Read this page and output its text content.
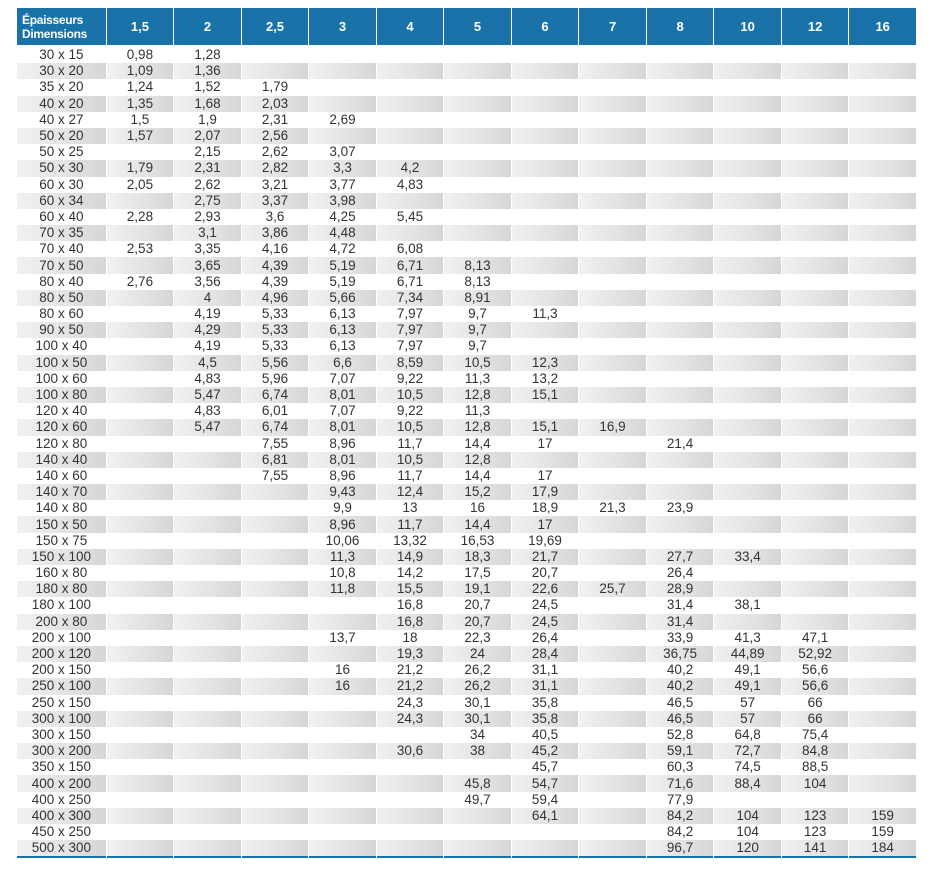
Épaisseurs
Dimensions	1,5	2	2,5	3	4	5	6	7	8	10	12	16
30 x 15	0,98	1,28										
30 x 20	1,09	1,36										
35 x 20	1,24	1,52	1,79									
40 x 20	1,35	1,68	2,03									
40 x 27	1,5	1,9	2,31	2,69								
50 x 20	1,57	2,07	2,56									
50 x 25		2,15	2,62	3,07								
50 x 30	1,79	2,31	2,82	3,3	4,2							
60 x 30	2,05	2,62	3,21	3,77	4,83							
60 x 34		2,75	3,37	3,98								
60 x 40	2,28	2,93	3,6	4,25	5,45							
70 x 35		3,1	3,86	4,48								
70 x 40	2,53	3,35	4,16	4,72	6,08							
70 x 50		3,65	4,39	5,19	6,71	8,13						
80 x 40	2,76	3,56	4,39	5,19	6,71	8,13						
80 x 50		4	4,96	5,66	7,34	8,91						
80 x 60		4,19	5,33	6,13	7,97	9,7	11,3					
90 x 50		4,29	5,33	6,13	7,97	9,7						
100 x 40		4,19	5,33	6,13	7,97	9,7						
100 x 50		4,5	5,56	6,6	8,59	10,5	12,3					
100 x 60		4,83	5,96	7,07	9,22	11,3	13,2					
100 x 80		5,47	6,74	8,01	10,5	12,8	15,1					
120 x 40		4,83	6,01	7,07	9,22	11,3						
120 x 60		5,47	6,74	8,01	10,5	12,8	15,1	16,9				
120 x 80			7,55	8,96	11,7	14,4	17		21,4			
140 x 40			6,81	8,01	10,5	12,8						
140 x 60			7,55	8,96	11,7	14,4	17					
140 x 70				9,43	12,4	15,2	17,9					
140 x 80				9,9	13	16	18,9	21,3	23,9			
150 x 50				8,96	11,7	14,4	17					
150 x 75				10,06	13,32	16,53	19,69					
150 x 100				11,3	14,9	18,3	21,7		27,7	33,4		
160 x 80				10,8	14,2	17,5	20,7		26,4			
180 x 80				11,8	15,5	19,1	22,6	25,7	28,9			
180 x 100					16,8	20,7	24,5		31,4	38,1		
200 x 80					16,8	20,7	24,5		31,4			
200 x 100				13,7	18	22,3	26,4		33,9	41,3	47,1	
200 x 120					19,3	24	28,4		36,75	44,89	52,92	
200 x 150				16	21,2	26,2	31,1		40,2	49,1	56,6	
250 x 100				16	21,2	26,2	31,1		40,2	49,1	56,6	
250 x 150					24,3	30,1	35,8		46,5	57	66	
300 x 100					24,3	30,1	35,8		46,5	57	66	
300 x 150						34	40,5		52,8	64,8	75,4	
300 x 200					30,6	38	45,2		59,1	72,7	84,8	
350 x 150							45,7		60,3	74,5	88,5	
400 x 200						45,8	54,7		71,6	88,4	104	
400 x 250						49,7	59,4		77,9			
400 x 300							64,1		84,2	104	123	159
450 x 250									84,2	104	123	159
500 x 300									96,7	120	141	184
